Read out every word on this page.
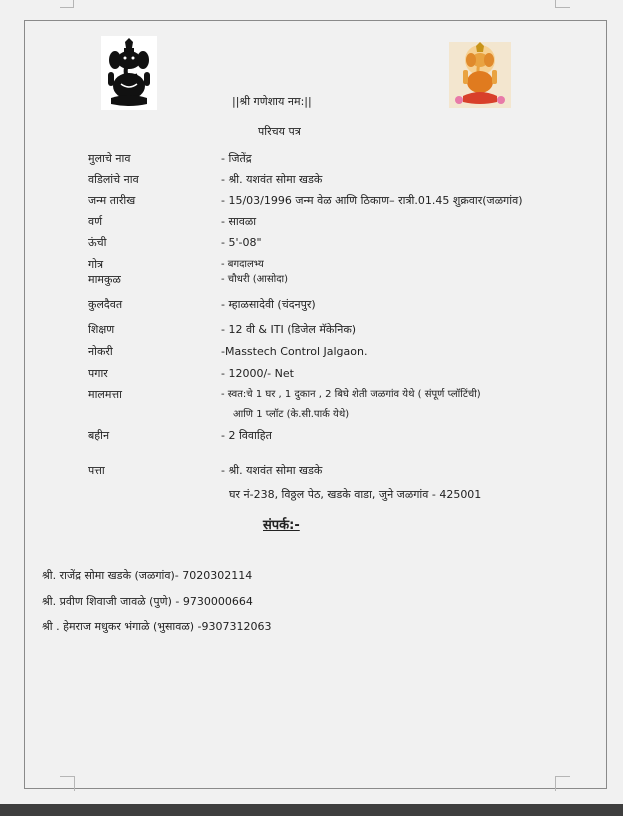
||श्री गणेशाय नम:||
परिचय पत्र
मुलाचे नाव	- जितेंद्र
वडिलांचे नाव	- श्री. यशवंत सोमा खडके
जन्म तारीख	- 15/03/1996 जन्म वेळ आणि ठिकाण– रात्री.01.45 शुक्रवार(जळगांव)
वर्ण	- सावळा
ऊंची	- 5'-08"
गोत्र	- बगदालभ्य
मामकुळ	- चौधरी (आसोदा)
कुलदैवत	- म्हाळसादेवी (चंदनपुर)
शिक्षण	- 12 वी & ITI (डिजेल मॅकेनिक)
नोकरी	-Masstech Control Jalgaon.
पगार	- 12000/- Net
मालमत्ता	- स्वत:चे 1 घर , 1 दुकान , 2 बिघे शेती जळगांव येथे ( संपूर्ण प्लॉटिंची)
आणि 1 प्लॉट (के.सी.पार्क येथे)
बहीन	- 2 विवाहित
पत्ता	- श्री. यशवंत सोमा खडके
घर नं-238, विठ्ठल पेठ, खडके वाडा, जुने जळगांव - 425001
संपर्क:-
श्री. राजेंद्र सोमा खडके (जळगांव)- 7020302114
श्री. प्रवीण शिवाजी जावळे (पुणे) - 9730000664
श्री . हेमराज मधुकर भंगाळे (भुसावळ) -9307312063
